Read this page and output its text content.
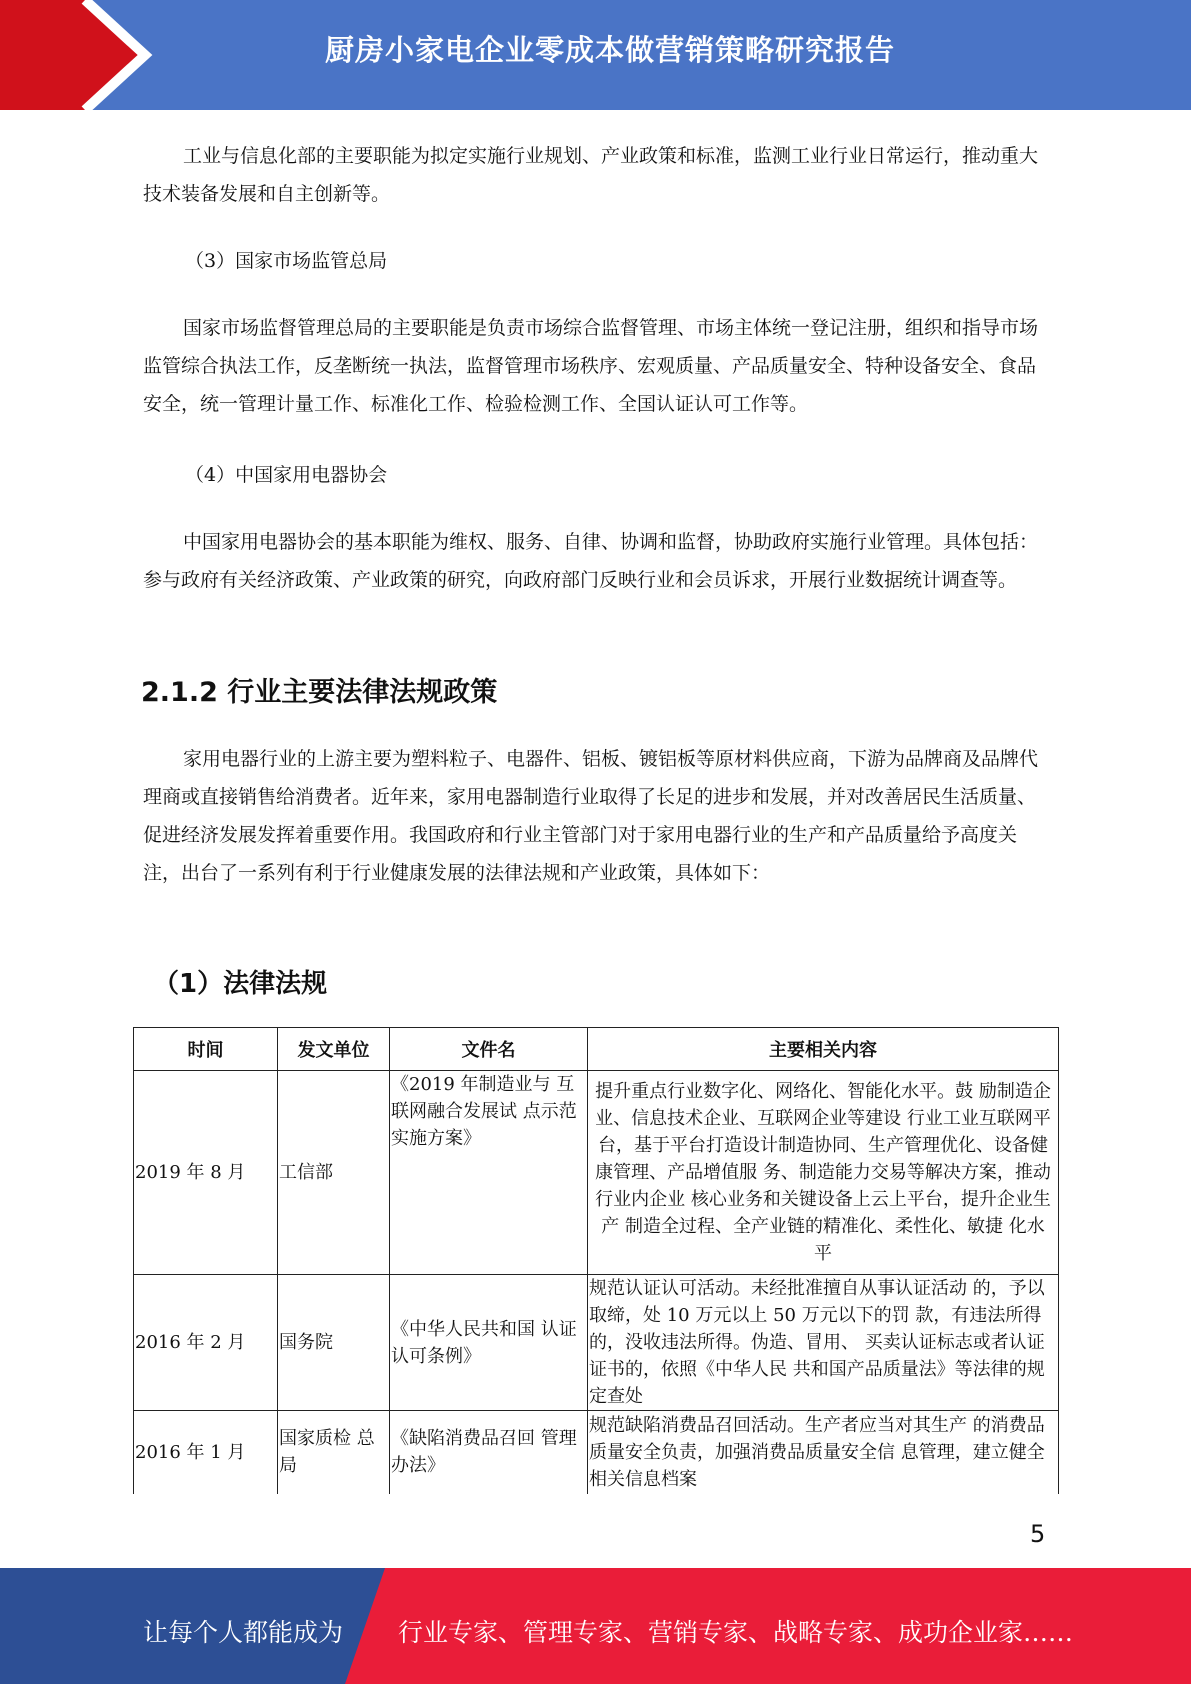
厨房小家电企业零成本做营销策略研究报告

工业与信息化部的主要职能为拟定实施行业规划、产业政策和标准，监测工业行业日常运行，推动重大技术装备发展和自主创新等。

（3）国家市场监管总局

国家市场监督管理总局的主要职能是负责市场综合监督管理、市场主体统一登记注册，组织和指导市场监管综合执法工作，反垄断统一执法，监督管理市场秩序、宏观质量、产品质量安全、特种设备安全、食品安全，统一管理计量工作、标准化工作、检验检测工作、全国认证认可工作等。

（4）中国家用电器协会

中国家用电器协会的基本职能为维权、服务、自律、协调和监督，协助政府实施行业管理。具体包括：参与政府有关经济政策、产业政策的研究，向政府部门反映行业和会员诉求，开展行业数据统计调查等。

2.1.2 行业主要法律法规政策

家用电器行业的上游主要为塑料粒子、电器件、铝板、镀铝板等原材料供应商，下游为品牌商及品牌代理商或直接销售给消费者。近年来，家用电器制造行业取得了长足的进步和发展，并对改善居民生活质量、促进经济发展发挥着重要作用。我国政府和行业主管部门对于家用电器行业的生产和产品质量给予高度关注，出台了一系列有利于行业健康发展的法律法规和产业政策，具体如下：

（1）法律法规
时间	发文单位	文件名	主要相关内容
2019 年 8 月	工信部	《2019 年制造业与 互联网融合发展试 点示范实施方案》	提升重点行业数字化、网络化、智能化水平。鼓 励制造企业、信息技术企业、互联网企业等建设 行业工业互联网平台，基于平台打造设计制造协同、生产管理优化、设备健康管理、产品增值服 务、制造能力交易等解决方案，推动行业内企业 核心业务和关键设备上云上平台，提升企业生产 制造全过程、全产业链的精准化、柔性化、敏捷 化水平
2016 年 2 月	国务院	《中华人民共和国 认证认可条例》	规范认证认可活动。未经批准擅自从事认证活动 的，予以取缔，处 10 万元以上 50 万元以下的罚 款，有违法所得的，没收违法所得。伪造、冒用、 买卖认证标志或者认证证书的，依照《中华人民 共和国产品质量法》等法律的规定查处
2016 年 1 月	国家质检 总局	《缺陷消费品召回 管理办法》	规范缺陷消费品召回活动。生产者应当对其生产 的消费品质量安全负责，加强消费品质量安全信 息管理，建立健全相关信息档案
5
让每个人都能成为 行业专家、管理专家、营销专家、战略专家、成功企业家……
